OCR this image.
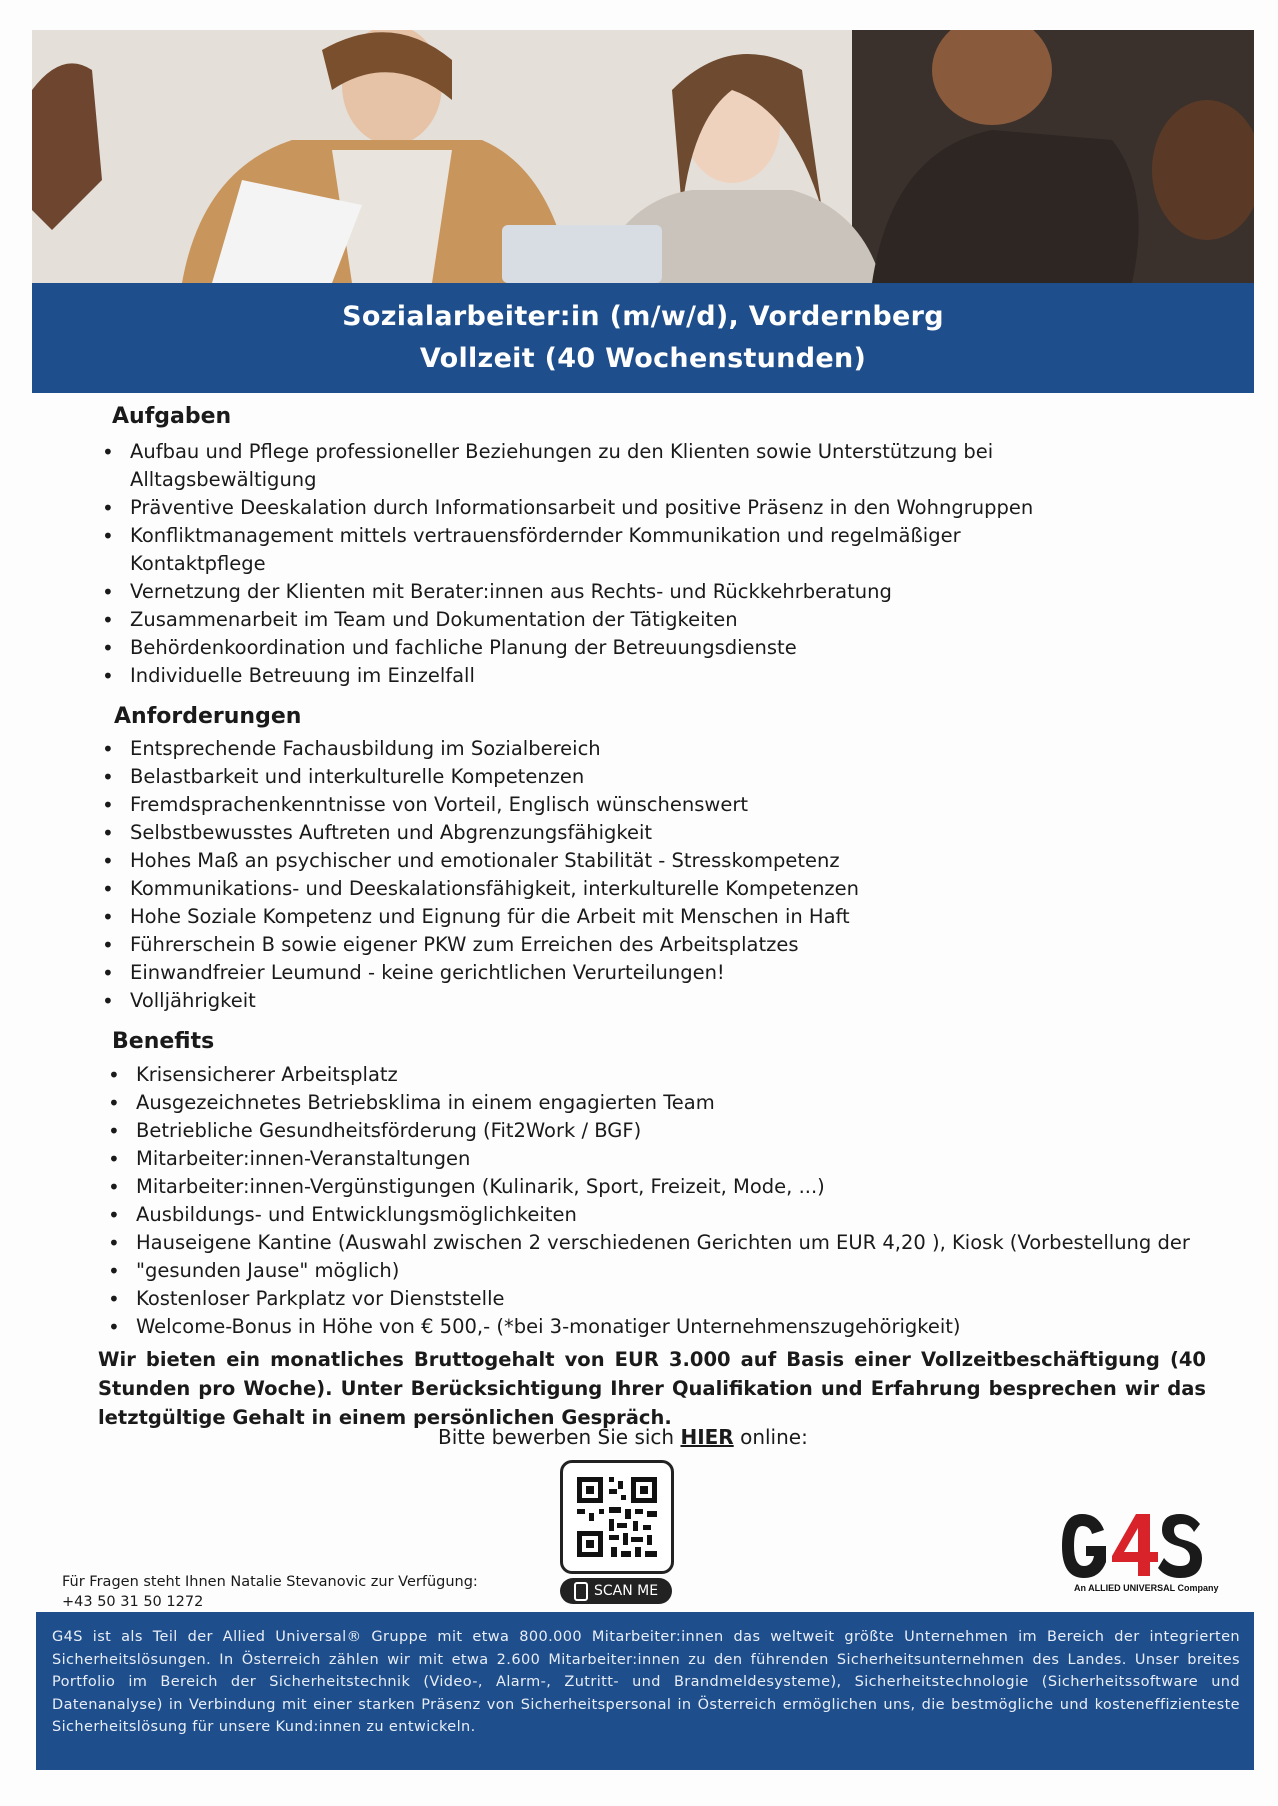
Sozialarbeiter:in (m/w/d), Vordernberg
Vollzeit (40 Wochenstunden)
Aufgaben
• Aufbau und Pflege professioneller Beziehungen zu den Klienten sowie Unterstützung bei Alltagsbewältigung
• Präventive Deeskalation durch Informationsarbeit und positive Präsenz in den Wohngruppen
• Konfliktmanagement mittels vertrauensfördernder Kommunikation und regelmäßiger Kontaktpflege
• Vernetzung der Klienten mit Berater:innen aus Rechts- und Rückkehrberatung
• Zusammenarbeit im Team und Dokumentation der Tätigkeiten
• Behördenkoordination und fachliche Planung der Betreuungsdienste
• Individuelle Betreuung im Einzelfall
Anforderungen
• Entsprechende Fachausbildung im Sozialbereich
• Belastbarkeit und interkulturelle Kompetenzen
• Fremdsprachenkenntnisse von Vorteil, Englisch wünschenswert
• Selbstbewusstes Auftreten und Abgrenzungsfähigkeit
• Hohes Maß an psychischer und emotionaler Stabilität - Stresskompetenz
• Kommunikations- und Deeskalationsfähigkeit, interkulturelle Kompetenzen
• Hohe Soziale Kompetenz und Eignung für die Arbeit mit Menschen in Haft
• Führerschein B sowie eigener PKW zum Erreichen des Arbeitsplatzes
• Einwandfreier Leumund - keine gerichtlichen Verurteilungen!
• Volljährigkeit
Benefits
• Krisensicherer Arbeitsplatz
• Ausgezeichnetes Betriebsklima in einem engagierten Team
• Betriebliche Gesundheitsförderung (Fit2Work / BGF)
• Mitarbeiter:innen-Veranstaltungen
• Mitarbeiter:innen-Vergünstigungen (Kulinarik, Sport, Freizeit, Mode, ...)
• Ausbildungs- und Entwicklungsmöglichkeiten
• Hauseigene Kantine (Auswahl zwischen 2 verschiedenen Gerichten um EUR 4,20 ), Kiosk (Vorbestellung der
• "gesunden Jause" möglich)
• Kostenloser Parkplatz vor Dienststelle
• Welcome-Bonus in Höhe von € 500,- (*bei 3-monatiger Unternehmenszugehörigkeit)
Wir bieten ein monatliches Bruttogehalt von EUR 3.000 auf Basis einer Vollzeitbeschäftigung (40 Stunden pro Woche). Unter Berücksichtigung Ihrer Qualifikation und Erfahrung besprechen wir das letztgültige Gehalt in einem persönlichen Gespräch.
Bitte bewerben Sie sich HIER online:
SCAN ME
Für Fragen steht Ihnen Natalie Stevanovic zur Verfügung:
+43 50 31 50 1272
An ALLIED UNIVERSAL Company
G4S ist als Teil der Allied Universal® Gruppe mit etwa 800.000 Mitarbeiter:innen das weltweit größte Unternehmen im Bereich der integrierten Sicherheitslösungen. In Österreich zählen wir mit etwa 2.600 Mitarbeiter:innen zu den führenden Sicherheitsunternehmen des Landes. Unser breites Portfolio im Bereich der Sicherheitstechnik (Video-, Alarm-, Zutritt- und Brandmeldesysteme), Sicherheitstechnologie (Sicherheitssoftware und Datenanalyse) in Verbindung mit einer starken Präsenz von Sicherheitspersonal in Österreich ermöglichen uns, die bestmögliche und kosteneffizienteste Sicherheitslösung für unsere Kund:innen zu entwickeln.
